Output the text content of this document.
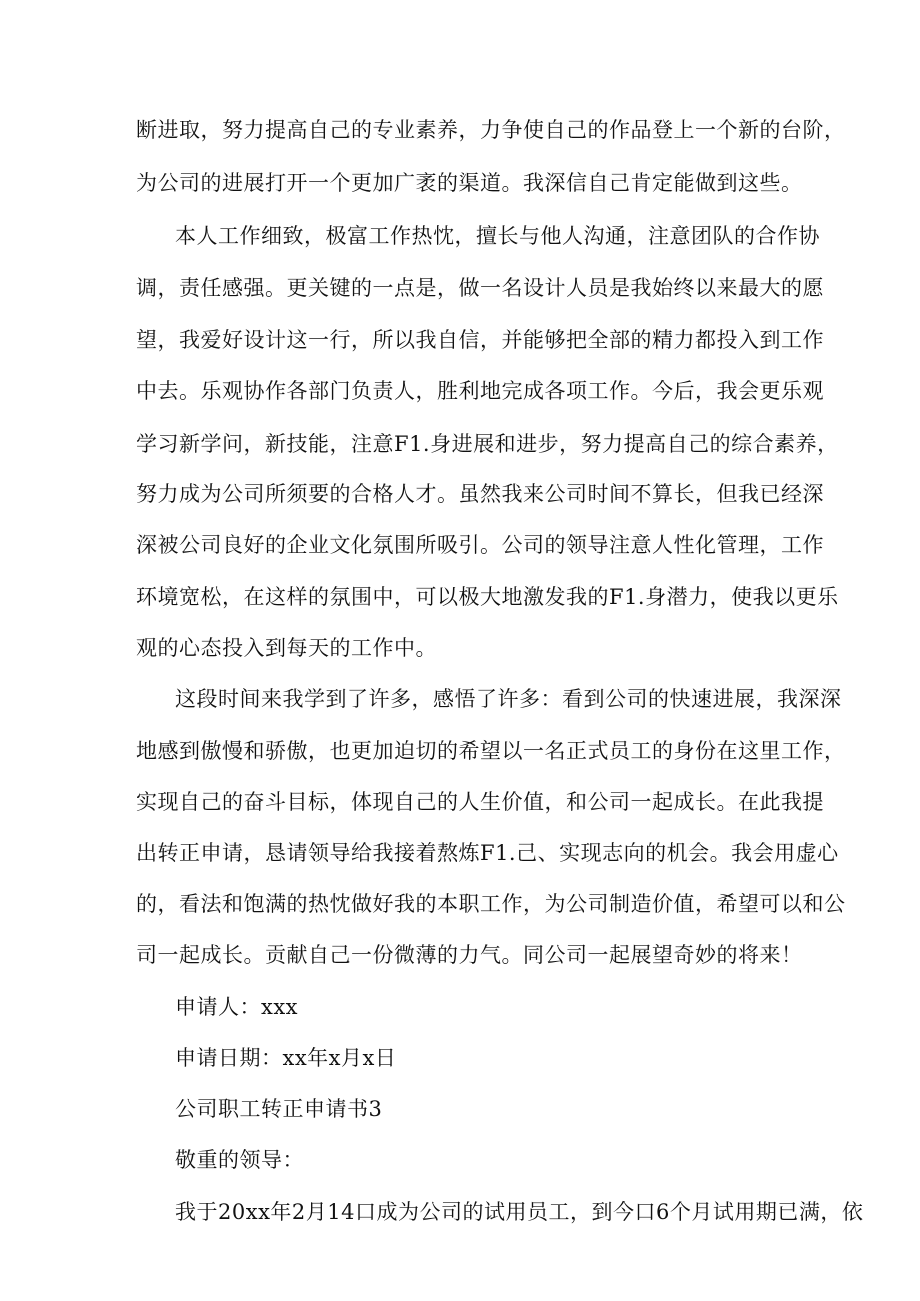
断进取，努力提高自己的专业素养，力争使自己的作品登上一个新的台阶，
为公司的进展打开一个更加广袤的渠道。我深信自己肯定能做到这些。
本人工作细致，极富工作热忱，擅长与他人沟通，注意团队的合作协
调，责任感强。更关键的一点是，做一名设计人员是我始终以来最大的愿
望，我爱好设计这一行，所以我自信，并能够把全部的精力都投入到工作
中去。乐观协作各部门负责人，胜利地完成各项工作。今后，我会更乐观
学习新学问，新技能，注意F1.身进展和进步，努力提高自己的综合素养，
努力成为公司所须要的合格人才。虽然我来公司时间不算长，但我已经深
深被公司良好的企业文化氛围所吸引。公司的领导注意人性化管理，工作
环境宽松，在这样的氛围中，可以极大地激发我的F1.身潜力，使我以更乐
观的心态投入到每天的工作中。
这段时间来我学到了许多，感悟了许多：看到公司的快速进展，我深深
地感到傲慢和骄傲，也更加迫切的希望以一名正式员工的身份在这里工作，
实现自己的奋斗目标，体现自己的人生价值，和公司一起成长。在此我提
出转正申请，恳请领导给我接着熬炼F1.己、实现志向的机会。我会用虚心
的，看法和饱满的热忱做好我的本职工作，为公司制造价值，希望可以和公
司一起成长。贡献自己一份微薄的力气。同公司一起展望奇妙的将来！
申请人：xxx
申请日期：xx年x月x日
公司职工转正申请书3
敬重的领导：
我于20xx年2月14口成为公司的试用员工，到今口6个月试用期已满，依
